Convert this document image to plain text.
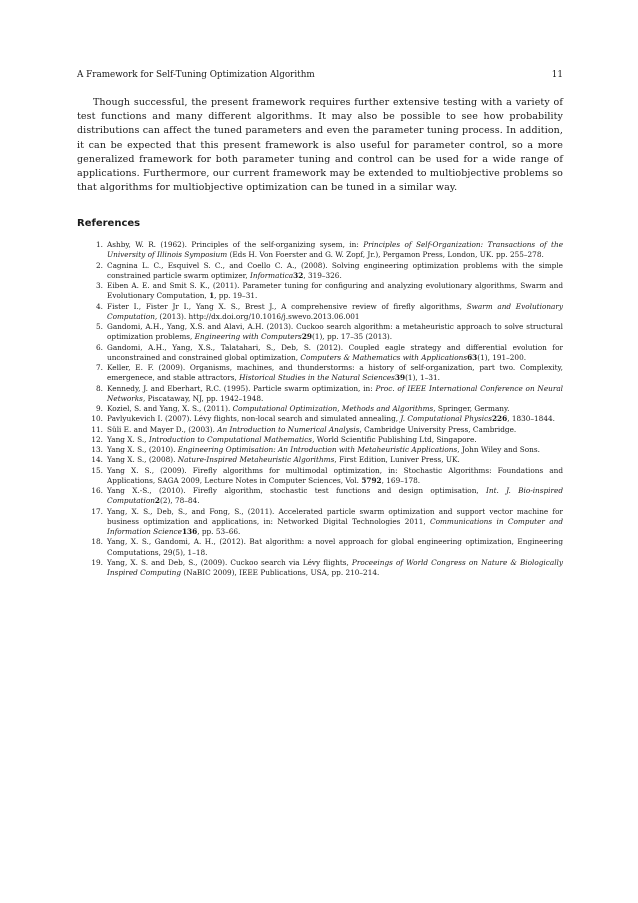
A Framework for Self-Tuning Optimization Algorithm	11

Though successful, the present framework requires further extensive testing with a variety of test functions and many different algorithms. It may also be possible to see how probability distributions can affect the tuned parameters and even the parameter tuning process. In addition, it can be expected that this present framework is also useful for parameter control, so a more generalized framework for both parameter tuning and control can be used for a wide range of applications. Furthermore, our current framework may be extended to multiobjective problems so that algorithms for multiobjective optimization can be tuned in a similar way.

References
1. Ashby, W. R. (1962). Principles of the self-organizing sysem, in: Principles of Self-Organization: Transactions of the University of Illinois Symposium (Eds H. Von Foerster and G. W. Zopf, Jr.), Pergamon Press, London, UK. pp. 255–278.
2. Cagnina L. C., Esquivel S. C., and Coello C. A., (2008). Solving engineering optimization problems with the simple constrained particle swarm optimizer, Informatica32, 319–326.
3. Eiben A. E. and Smit S. K., (2011). Parameter tuning for configuring and analyzing evolutionary algorithms, Swarm and Evolutionary Computation, 1, pp. 19–31.
4. Fister I., Fister Jr I., Yang X. S., Brest J., A comprehensive review of firefly algorithms, Swarm and Evolutionary Computation, (2013). http://dx.doi.org/10.1016/j.swevo.2013.06.001
5. Gandomi, A.H., Yang, X.S. and Alavi, A.H. (2013). Cuckoo search algorithm: a metaheuristic approach to solve structural optimization problems, Engineering with Computers29(1), pp. 17–35 (2013).
6. Gandomi, A.H., Yang, X.S., Talatahari, S., Deb, S. (2012). Coupled eagle strategy and differential evolution for unconstrained and constrained global optimization, Computers & Mathematics with Applications63(1), 191–200.
7. Keller, E. F. (2009). Organisms, machines, and thunderstorms: a history of self-organization, part two. Complexity, emergenece, and stable attractors, Historical Studies in the Natural Sciences39(1), 1–31.
8. Kennedy, J. and Eberhart, R.C. (1995). Particle swarm optimization, in: Proc. of IEEE International Conference on Neural Networks, Piscataway, NJ, pp. 1942–1948.
9. Koziel, S. and Yang, X. S., (2011). Computational Optimization, Methods and Algorithms, Springer, Germany.
10. Pavlyukevich I. (2007). Lévy flights, non-local search and simulated annealing, J. Computational Physics226, 1830–1844.
11. Süli E. and Mayer D., (2003). An Introduction to Numerical Analysis, Cambridge University Press, Cambridge.
12. Yang X. S., Introduction to Computational Mathematics, World Scientific Publishing Ltd, Singapore.
13. Yang X. S., (2010). Engineering Optimisation: An Introduction with Metaheuristic Applications, John Wiley and Sons.
14. Yang X. S., (2008). Nature-Inspired Metaheuristic Algorithms, First Edition, Luniver Press, UK.
15. Yang X. S., (2009). Firefly algorithms for multimodal optimization, in: Stochastic Algorithms: Foundations and Applications, SAGA 2009, Lecture Notes in Computer Sciences, Vol. 5792, 169–178.
16. Yang X.-S., (2010). Firefly algorithm, stochastic test functions and design optimisation, Int. J. Bio-inspired Computation2(2), 78–84.
17. Yang, X. S., Deb, S., and Fong, S., (2011). Accelerated particle swarm optimization and support vector machine for business optimization and applications, in: Networked Digital Technologies 2011, Communications in Computer and Information Science136, pp. 53–66.
18. Yang, X. S., Gandomi, A. H., (2012). Bat algorithm: a novel approach for global engineering optimization, Engineering Computations, 29(5), 1–18.
19. Yang, X. S. and Deb, S., (2009). Cuckoo search via Lévy flights, Proceeings of World Congress on Nature & Biologically Inspired Computing (NaBIC 2009), IEEE Publications, USA, pp. 210–214.
